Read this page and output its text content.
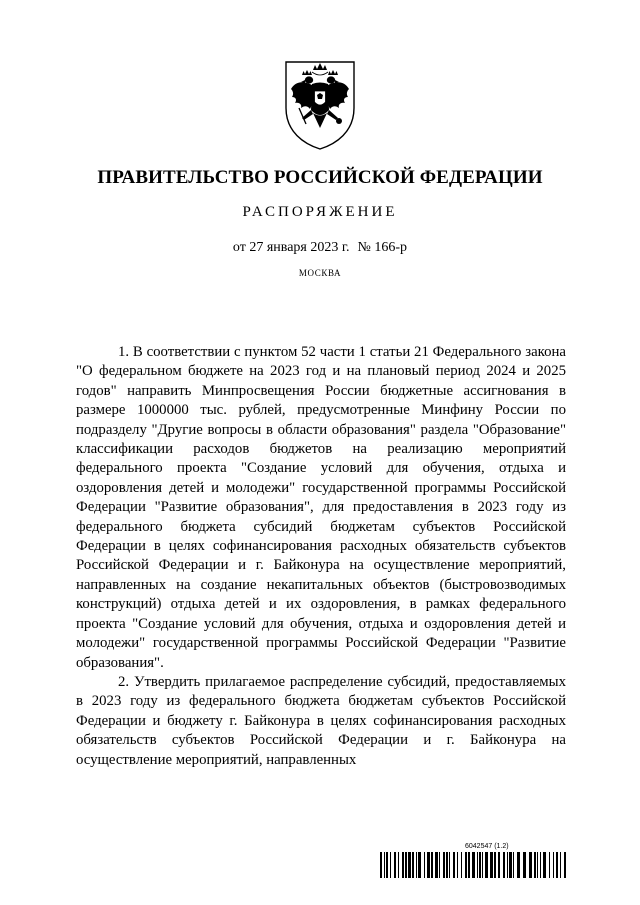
ПРАВИТЕЛЬСТВО РОССИЙСКОЙ ФЕДЕРАЦИИ
РАСПОРЯЖЕНИЕ
от 27 января 2023 г. № 166-р
МОСКВА

1. В соответствии с пунктом 52 части 1 статьи 21 Федерального закона "О федеральном бюджете на 2023 год и на плановый период 2024 и 2025 годов" направить Минпросвещения России бюджетные ассигнования в размере 1000000 тыс. рублей, предусмотренные Минфину России по подразделу "Другие вопросы в области образования" раздела "Образование" классификации расходов бюджетов на реализацию мероприятий федерального проекта "Создание условий для обучения, отдыха и оздоровления детей и молодежи" государственной программы Российской Федерации "Развитие образования", для предоставления в 2023 году из федерального бюджета субсидий бюджетам субъектов Российской Федерации в целях софинансирования расходных обязательств субъектов Российской Федерации и г. Байконура на осуществление мероприятий, направленных на создание некапитальных объектов (быстровозводимых конструкций) отдыха детей и их оздоровления, в рамках федерального проекта "Создание условий для обучения, отдыха и оздоровления детей и молодежи" государственной программы Российской Федерации "Развитие образования".

2. Утвердить прилагаемое распределение субсидий, предоставляемых в 2023 году из федерального бюджета бюджетам субъектов Российской Федерации и бюджету г. Байконура в целях софинансирования расходных обязательств субъектов Российской Федерации и г. Байконура на осуществление мероприятий, направленных

6042547 (1.2)
